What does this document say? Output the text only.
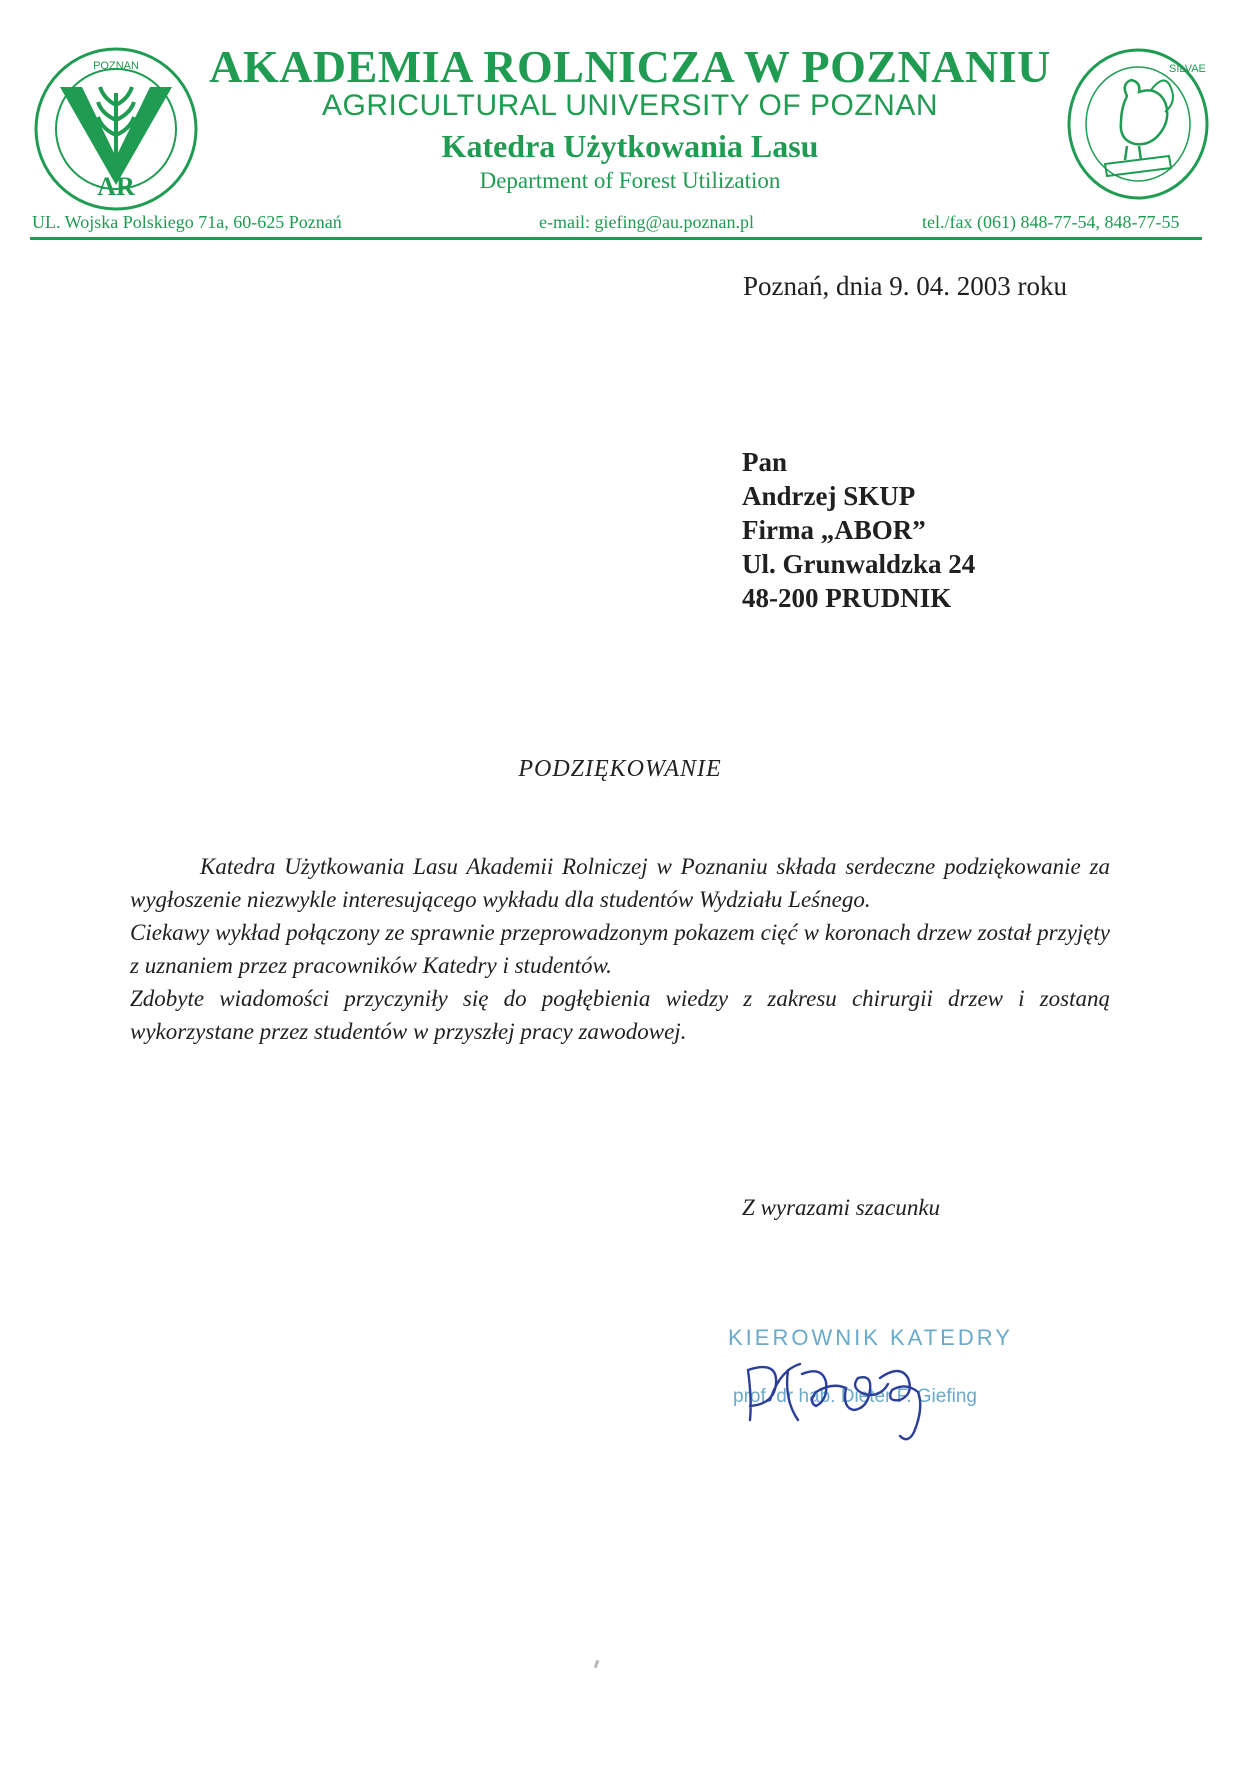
AR
POZNAN AKADEMIA ROLNICZA W POZNANIU
AGRICULTURAL UNIVERSITY OF POZNAN
Katedra Użytkowania Lasu
Department of Forest Utilization
SILVAE
UL. Wojska Polskiego 71a, 60-625 Poznań	e-mail: giefing@au.poznan.pl	tel./fax (061) 848-77-54, 848-77-55
Poznań, dnia 9. 04. 2003 roku
Pan
Andrzej SKUP
Firma „ABOR”
Ul. Grunwaldzka 24
48-200 PRUDNIK
PODZIĘKOWANIE

Katedra Użytkowania Lasu Akademii Rolniczej w Poznaniu składa serdeczne podziękowanie za wygłoszenie niezwykle interesującego wykładu dla studentów Wydziału Leśnego.

Ciekawy wykład połączony ze sprawnie przeprowadzonym pokazem cięć w koronach drzew został przyjęty z uznaniem przez pracowników Katedry i studentów.

Zdobyte wiadomości przyczyniły się do pogłębienia wiedzy z zakresu chirurgii drzew i zostaną wykorzystane przez studentów w przyszłej pracy zawodowej.

Z wyrazami szacunku
KIEROWNIK KATEDRY
prof. dr hab. Dieter F. Giefing
